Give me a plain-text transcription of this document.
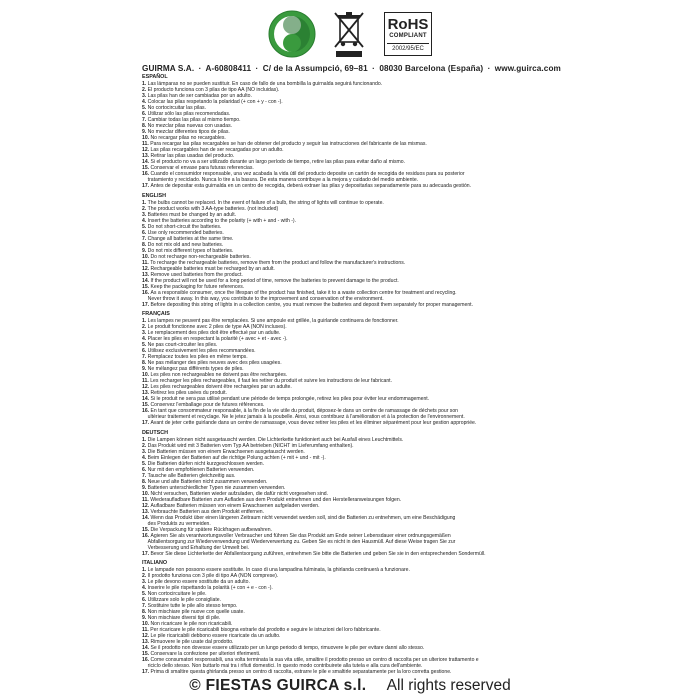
RoHS
COMPLIANT
2002/95/EC
GUIRMA S.A. · A-60808411 · C/ de la Assumpció, 69–81 · 08030 Barcelona (España) · www.guirca.com
ESPAÑOL
1. Las lámparas no se pueden sustituir. En caso de fallo de una bombilla la guirnalda seguirá funcionando.
2. El producto funciona con 3 pilas de tipo AA (NO incluidas).
3. Las pilas han de ser cambiadas por un adulto.
4. Colocar las pilas respetando la polaridad (+ con + y - con -).
5. No cortocircuitar las pilas.
6. Utilizar sólo las pilas recomendadas.
7. Cambiar todas las pilas al mismo tiempo.
8. No mezclar pilas nuevas con usadas.
9. No mezclar diferentes tipos de pilas.
10. No recargar pilas no recargables.
11. Para recargar las pilas recargables se han de obtener del producto y seguir las instrucciones del fabricante de las mismas.
12. Las pilas recargables han de ser recargadas por un adulto.
13. Retirar las pilas usadas del producto.
14. Si el producto no va a ser utilizado durante un largo período de tiempo, retire las pilas para evitar daño al mismo.
15. Conservar el envase para futuras referencias.
16. Cuando el consumidor responsable, una vez acabada la vida útil del producto deposite un cartón de recogida de residuos para su posterior
tratamiento y reciclado. Nunca lo tire a la basura. De esta manera contribuye a la mejora y cuidado del medio ambiente.
17. Antes de depositar esta guirnalda en un centro de recogida, deberá extraer las pilas y depositarlas separadamente para su adecuada gestión.
ENGLISH
1. The bulbs cannot be replaced. In the event of failure of a bulb, the string of lights will continue to operate.
2. The product works with 3 AA-type batteries. (not included)
3. Batteries must be changed by an adult.
4. Insert the batteries according to the polarity (+ with + and - with -).
5. Do not short-circuit the batteries.
6. Use only recommended batteries.
7. Change all batteries at the same time.
8. Do not mix old and new batteries.
9. Do not mix different types of batteries.
10. Do not recharge non-rechargeable batteries.
11. To recharge the rechargeable batteries, remove them from the product and follow the manufacturer's instructions.
12. Rechargeable batteries must be recharged by an adult.
13. Remove used batteries from the product.
14. If the product will not be used for a long period of time, remove the batteries to prevent damage to the product.
15. Keep the packaging for future references.
16. As a responsible consumer, once the lifespan of the product has finished, take it to a waste collection centre for treatment and recycling.
Never throw it away. In this way, you contribute to the improvement and conservation of the environment.
17. Before depositing this string of lights in a collection centre, you must remove the batteries and deposit them separately for proper management.
FRANÇAIS
1. Les lampes ne peuvent pas être remplacées. Si une ampoule est grillée, la guirlande continuera de fonctionner.
2. Le produit fonctionne avec 2 piles de type AA (NON incluses).
3. Le remplacement des piles doit être effectué par un adulte.
4. Placer les piles en respectant la polarité (+ avec + et - avec -).
5. Ne pas court-circuiter les piles.
6. Utilisez exclusivement les piles recommandées.
7. Remplacez toutes les piles en même temps.
8. Ne pas mélanger des piles neuves avec des piles usagées.
9. Ne mélangez pas différents types de piles.
10. Les piles non rechargeables ne doivent pas être rechargées.
11. Les recharger les piles rechargeables, il faut les retirer du produit et suivre les instructions de leur fabricant.
12. Les piles rechargeables doivent être rechargées par un adulte.
13. Retirez les piles usées du produit.
14. Si le produit ne sera pas utilisé pendant une période de temps prolongée, retirez les piles pour éviter leur endommagement.
15. Conservez l'emballage pour de futures références.
16. En tant que consommateur responsable, à la fin de la vie utile du produit, déposez-le dans un centre de ramassage de déchets pour son
ultérieur traitement et recyclage. Ne le jetez jamais à la poubelle. Ainsi, vous contribuez à l'amélioration et à la protection de l'environnement.
17. Avant de jeter cette guirlande dans un centre de ramassage, vous devez retirer les piles et les éliminer séparément pour leur gestion appropriée.
DEUTSCH
1. Die Lampen können nicht ausgetauscht werden. Die Lichterkette funktioniert auch bei Ausfall eines Leuchtmittels.
2. Das Produkt wird mit 3 Batterien vom Typ AA betrieben (NICHT im Lieferumfang enthalten).
3. Die Batterien müssen von einem Erwachsenen ausgetauscht werden.
4. Beim Einlegen der Batterien auf die richtige Polung achten (+ mit + und - mit -).
5. Die Batterien dürfen nicht kurzgeschlossen werden.
6. Nur mit den empfohlenen Batterien verwenden.
7. Tausche alle Batterien gleichzeitig aus.
8. Neue und alte Batterien nicht zusammen verwenden.
9. Batterien unterschiedlicher Typen nie zusammen verwenden.
10. Nicht versuchen, Batterien wieder aufzuladen, die dafür nicht vorgesehen sind.
11. Wiederaufladbare Batterien zum Aufladen aus dem Produkt entnehmen und den Herstelleranweisungen folgen.
12. Aufladbare Batterien müssen von einem Erwachsenen aufgeladen werden.
13. Verbrauchte Batterien aus dem Produkt entfernen.
14. Wenn das Produkt über einen längeren Zeitraum nicht verwendet werden soll, sind die Batterien zu entnehmen, um eine Beschädigung
des Produkts zu vermeiden.
15. Die Verpackung für spätere Rückfragen aufbewahren.
16. Agieren Sie als verantwortungsvoller Verbraucher und führen Sie das Produkt am Ende seiner Lebensdauer einer ordnungsgemäßen
Abfallentsorgung zur Wiederverwendung und Wiederverwertung zu. Geben Sie es nicht in den Hausmüll. Auf diese Weise tragen Sie zur
Verbesserung und Erhaltung der Umwelt bei.
17. Bevor Sie diese Lichterkette der Abfallentsorgung zuführen, entnehmen Sie bitte die Batterien und geben Sie sie in den entsprechenden Sondermüll.
ITALIANO
1. Le lampade non possono essere sostituite. In caso di una lampadina fulminata, la ghirlanda continuerà a funzionare.
2. Il prodotto funziona con 3 pile di tipo AA (NON comprese).
3. Le pile devono essere sostituite da un adulto.
4. Inserire le pile rispettando la polarità (+ con + e - con -).
5. Non cortocircuitare le pile.
6. Utilizzare solo le pile consigliate.
7. Sostituire tutte le pile allo stesso tempo.
8. Non mischiare pile nuove con quelle usate.
9. Non mischiare diversi tipi di pile.
10. Non ricaricare le pile non ricaricabili.
11. Per ricaricare le pile ricaricabili bisogna estrarle dal prodotto e seguire le istruzioni del loro fabbricante.
12. Le pile ricaricabili debbono essere ricaricate da un adulto.
13. Rimuovere le pile usate dal prodotto.
14. Se il prodotto non dovesse essere utilizzato per un lungo periodo di tempo, rimuovere le pile per evitare danni allo stesso.
15. Conservare la confezione per ulteriori riferimenti.
16. Come consumatori responsabili, una volta terminata la sua vita utile, smaltire il prodotto presso un centro di raccolta per un ulteriore trattamento e
riciclo dello stesso. Non buttarlo mai tra i rifiuti domestici. In questo modo contribuirete alla tutela e alla cura dell'ambiente.
17. Prima di smaltire questa ghirlanda presso un centro di raccolta, estrarre le pile e smaltirle separatamente per la loro corretta gestione.
© FIESTAS GUIRCA s.l. All rights reserved
